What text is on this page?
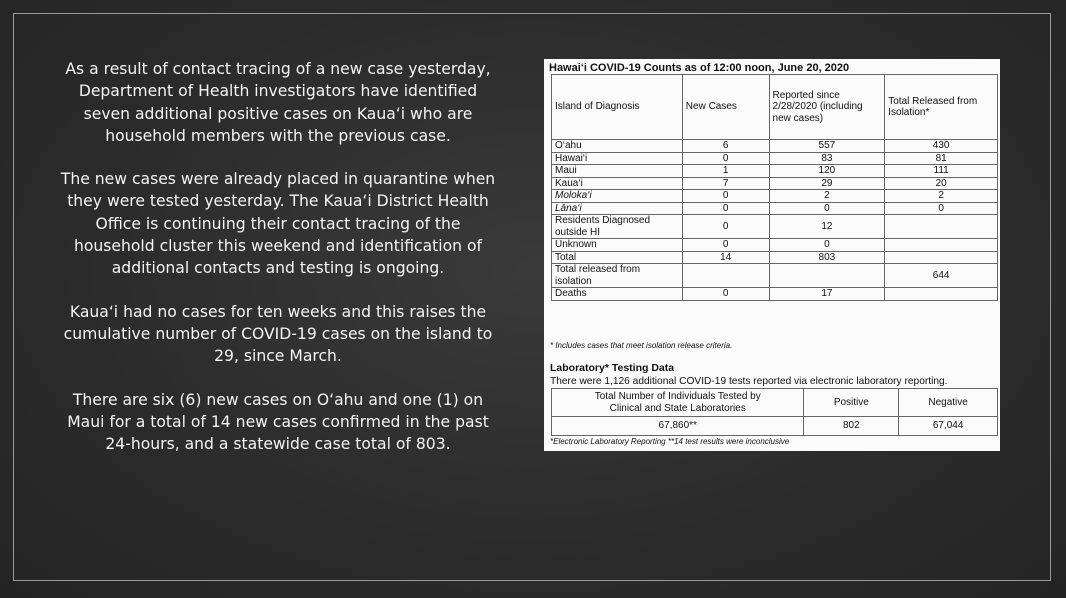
As a result of contact tracing of a new case yesterday, Department of Health investigators have identified seven additional positive cases on Kaua‘i who are household members with the previous case.

The new cases were already placed in quarantine when they were tested yesterday. The Kaua‘i District Health Office is continuing their contact tracing of the household cluster this weekend and identification of additional contacts and testing is ongoing.

Kaua‘i had no cases for ten weeks and this raises the cumulative number of COVID-19 cases on the island to 29, since March.

There are six (6) new cases on O‘ahu and one (1) on Maui for a total of 14 new cases confirmed in the past 24-hours, and a statewide case total of 803.

Hawai‘i COVID-19 Counts as of 12:00 noon, June 20, 2020
Island of Diagnosis	New Cases	Reported since 2/28/2020 (including new cases)	Total Released from Isolation*
O‘ahu	6	557	430
Hawai‘i	0	83	81
Maui	1	120	111
Kaua‘i	7	29	20
Moloka‘i	0	2	2
Lāna‘i	0	0	0
Residents Diagnosed outside HI	0	12	
Unknown	0	0	
Total	14	803	
Total released from isolation			644
Deaths	0	17	
* Includes cases that meet isolation release criteria.
Laboratory* Testing Data
There were 1,126 additional COVID-19 tests reported via electronic laboratory reporting.
Total Number of Individuals Tested by Clinical and State Laboratories	Positive	Negative
67,860**	802	67,044
*Electronic Laboratory Reporting **14 test results were inconclusive
